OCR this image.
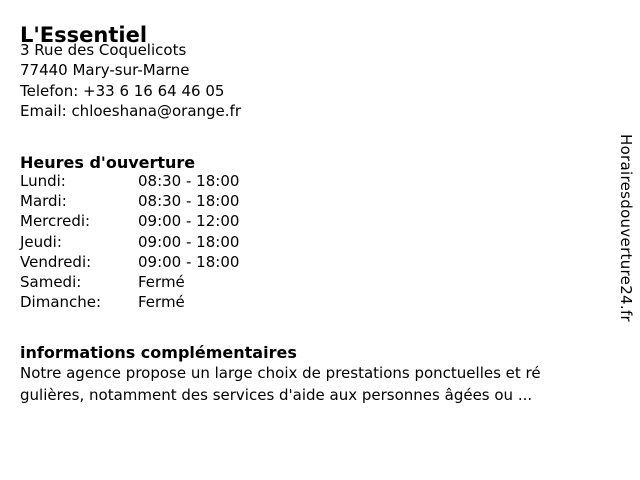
L'Essentiel
3 Rue des Coquelicots
77440 Mary-sur-Marne
Telefon: +33 6 16 64 46 05
Email: chloeshana@orange.fr
Heures d'ouverture
Lundi:	08:30 - 18:00
Mardi:	08:30 - 18:00
Mercredi:	09:00 - 12:00
Jeudi:	09:00 - 18:00
Vendredi:	09:00 - 18:00
Samedi:	Fermé
Dimanche:	Fermé
informations complémentaires
Notre agence propose un large choix de prestations ponctuelles et ré
gulières, notamment des services d'aide aux personnes âgées ou ...
Horairesdouverture24.fr
